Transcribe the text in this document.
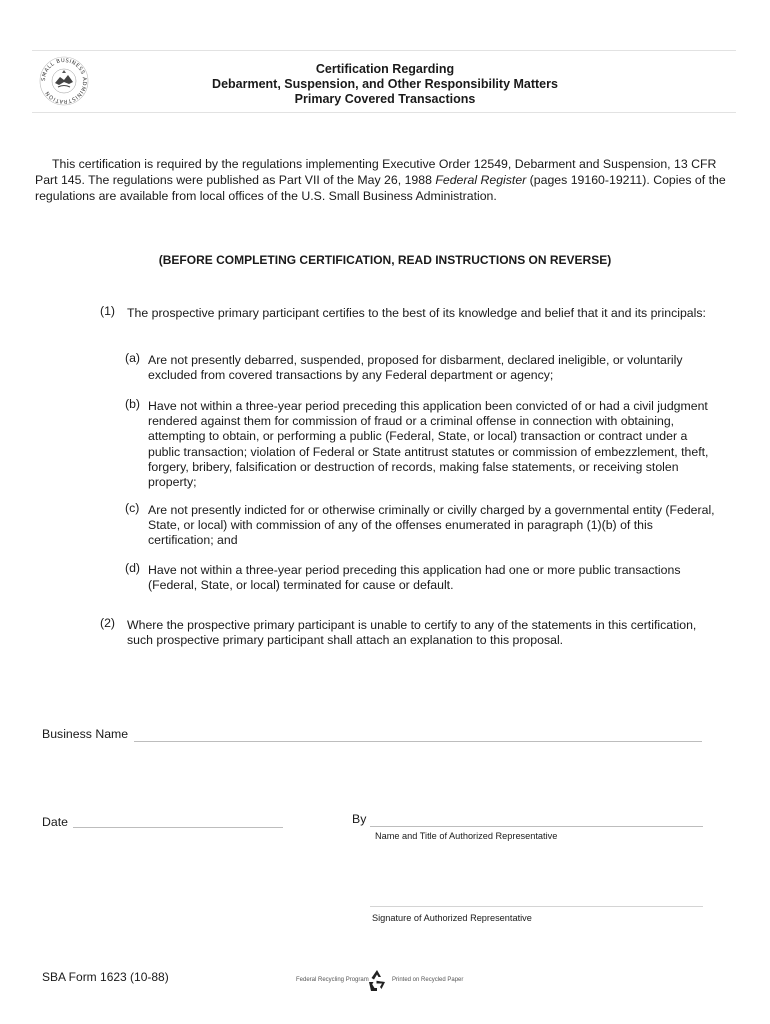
SMALL BUSINESS ADMINISTRATION
Certification Regarding
Debarment, Suspension, and Other Responsibility Matters
Primary Covered Transactions
This certification is required by the regulations implementing Executive Order 12549, Debarment and Suspension, 13 CFR Part 145. The regulations were published as Part VII of the May 26, 1988 Federal Register (pages 19160-19211). Copies of the regulations are available from local offices of the U.S. Small Business Administration.
(BEFORE COMPLETING CERTIFICATION, READ INSTRUCTIONS ON REVERSE)
(1) The prospective primary participant certifies to the best of its knowledge and belief that it and its principals:
(a) Are not presently debarred, suspended, proposed for disbarment, declared ineligible, or voluntarily excluded from covered transactions by any Federal department or agency;
(b) Have not within a three-year period preceding this application been convicted of or had a civil judgment rendered against them for commission of fraud or a criminal offense in connection with obtaining, attempting to obtain, or performing a public (Federal, State, or local) transaction or contract under a public transaction; violation of Federal or State antitrust statutes or commission of embezzlement, theft, forgery, bribery, falsification or destruction of records, making false statements, or receiving stolen property;
(c) Are not presently indicted for or otherwise criminally or civilly charged by a governmental entity (Federal, State, or local) with commission of any of the offenses enumerated in paragraph (1)(b) of this certification; and
(d) Have not within a three-year period preceding this application had one or more public transactions (Federal, State, or local) terminated for cause or default.
(2) Where the prospective primary participant is unable to certify to any of the statements in this certification, such prospective primary participant shall attach an explanation to this proposal.
Business Name
Date	By
Name and Title of Authorized Representative
Signature of Authorized Representative
SBA Form 1623 (10-88)	Federal Recycling Program	Printed on Recycled Paper
